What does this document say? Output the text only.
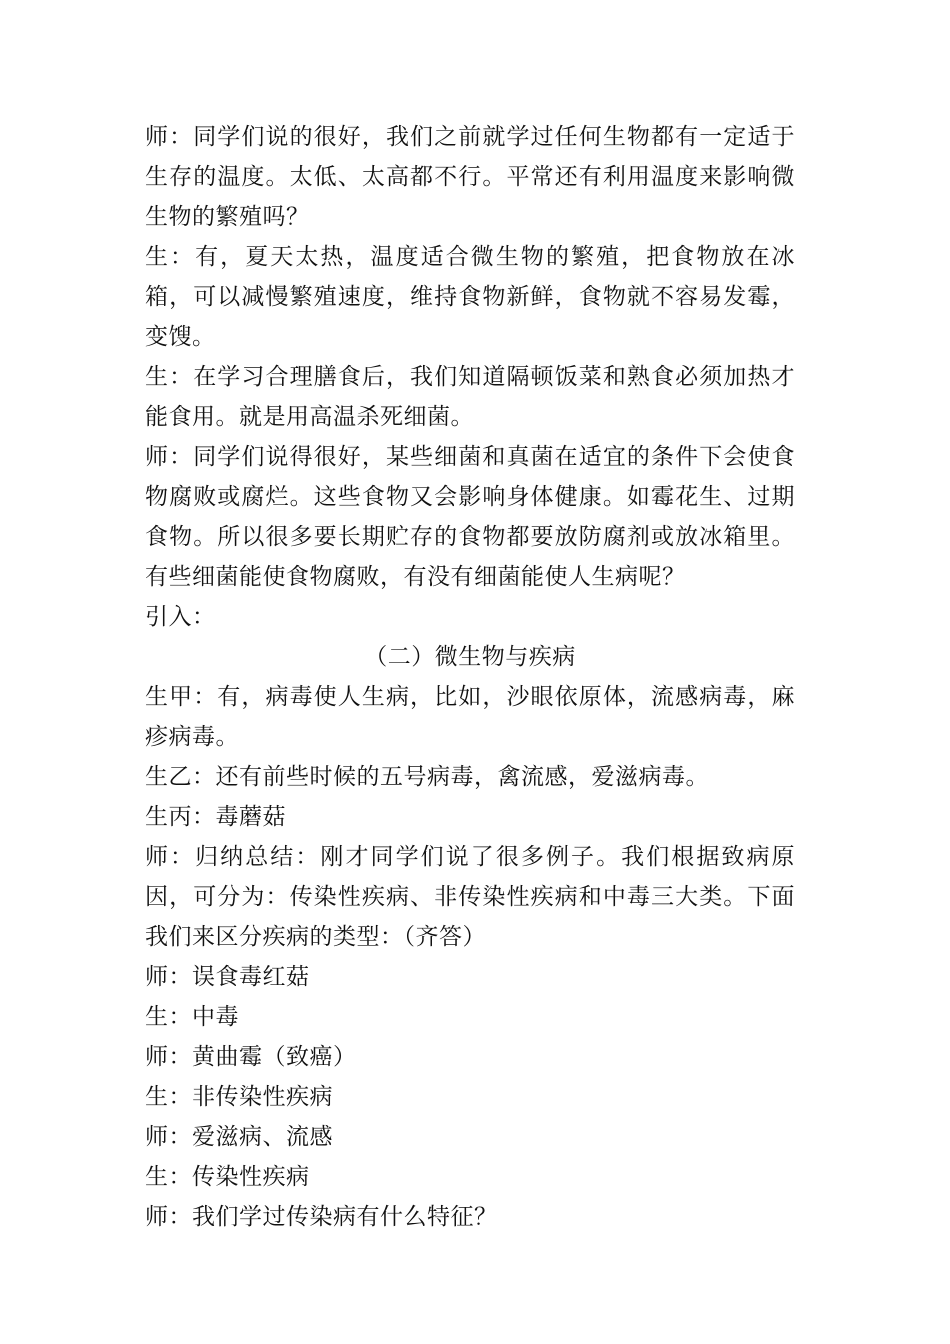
师：同学们说的很好，我们之前就学过任何生物都有一定适于生存的温度。太低、太高都不行。平常还有利用温度来影响微生物的繁殖吗？

生：有，夏天太热，温度适合微生物的繁殖，把食物放在冰箱，可以减慢繁殖速度，维持食物新鲜，食物就不容易发霉，变馊。

生：在学习合理膳食后，我们知道隔顿饭菜和熟食必须加热才能食用。就是用高温杀死细菌。

师：同学们说得很好，某些细菌和真菌在适宜的条件下会使食物腐败或腐烂。这些食物又会影响身体健康。如霉花生、过期食物。所以很多要长期贮存的食物都要放防腐剂或放冰箱里。有些细菌能使食物腐败，有没有细菌能使人生病呢？

引入：

（二）微生物与疾病

生甲：有，病毒使人生病，比如，沙眼依原体，流感病毒，麻疹病毒。

生乙：还有前些时候的五号病毒，禽流感，爱滋病毒。

生丙：毒蘑菇

师：归纳总结：刚才同学们说了很多例子。我们根据致病原因，可分为：传染性疾病、非传染性疾病和中毒三大类。下面我们来区分疾病的类型：（齐答）

师：误食毒红菇

生：中毒

师：黄曲霉（致癌）

生：非传染性疾病

师：爱滋病、流感

生：传染性疾病

师：我们学过传染病有什么特征？
